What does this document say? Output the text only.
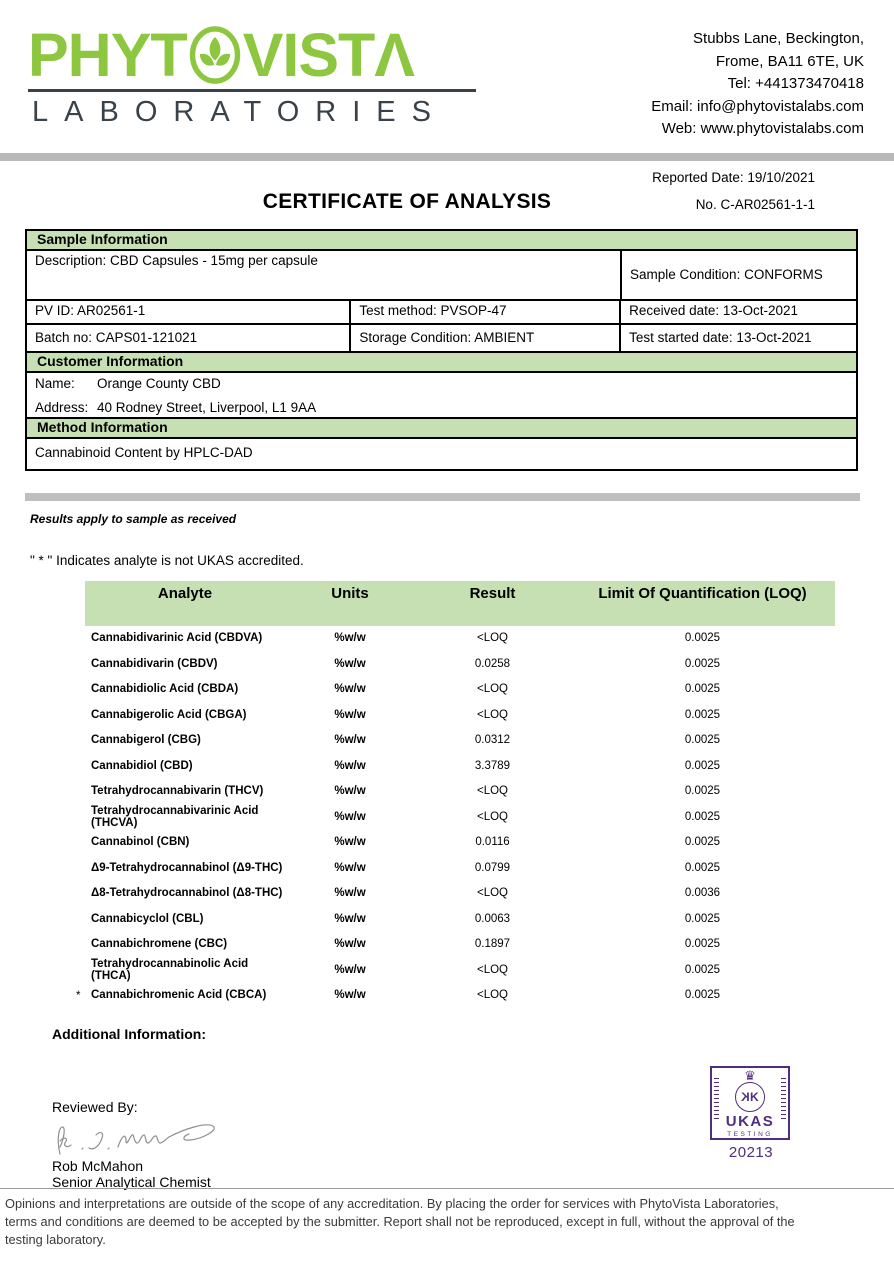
PHYT VIST Λ
LABORATORIES
Stubbs Lane, Beckington,
Frome, BA11 6TE, UK
Tel: +441373470418
Email: info@phytovistalabs.com
Web: www.phytovistalabs.com
Reported Date: 19/10/2021
CERTIFICATE OF ANALYSIS	No. C-AR02561-1-1
Sample Information
Description: CBD Capsules - 15mg per capsule
Sample Condition: CONFORMS
PV ID: AR02561-1	Test method: PVSOP-47	Received date: 13-Oct-2021
Batch no: CAPS01-121021	Storage Condition: AMBIENT	Test started date: 13-Oct-2021
Customer Information
Name:	Orange County CBD
Address: 40 Rodney Street, Liverpool, L1 9AA
Method Information
Cannabinoid Content by HPLC-DAD
Results apply to sample as received
" * " Indicates analyte is not UKAS accredited.
Analyte	Units	Result	Limit Of Quantification (LOQ)
Cannabidivarinic Acid (CBDVA)	%w/w	<LOQ	0.0025
Cannabidivarin (CBDV)	%w/w	0.0258	0.0025
Cannabidiolic Acid (CBDA)	%w/w	<LOQ	0.0025
Cannabigerolic Acid (CBGA)	%w/w	<LOQ	0.0025
Cannabigerol (CBG)	%w/w	0.0312	0.0025
Cannabidiol (CBD)	%w/w	3.3789	0.0025
Tetrahydrocannabivarin (THCV)	%w/w	<LOQ	0.0025
Tetrahydrocannabivarinic Acid (THCVA)	%w/w	<LOQ	0.0025
Cannabinol (CBN)	%w/w	0.0116	0.0025
Δ9-Tetrahydrocannabinol (Δ9-THC)	%w/w	0.0799	0.0025
Δ8-Tetrahydrocannabinol (Δ8-THC)	%w/w	<LOQ	0.0036
Cannabicyclol (CBL)	%w/w	0.0063	0.0025
Cannabichromene (CBC)	%w/w	0.1897	0.0025
Tetrahydrocannabinolic Acid (THCA)	%w/w	<LOQ	0.0025
* Cannabichromenic Acid (CBCA)	%w/w	<LOQ	0.0025
Additional Information:
Reviewed By:
Rob McMahon
Senior Analytical Chemist
♛
K
K
UKAS
TESTING
20213
Opinions and interpretations are outside of the scope of any accreditation. By placing the order for services with PhytoVista Laboratories, terms and conditions are deemed to be accepted by the submitter. Report shall not be reproduced, except in full, without the approval of the testing laboratory.
